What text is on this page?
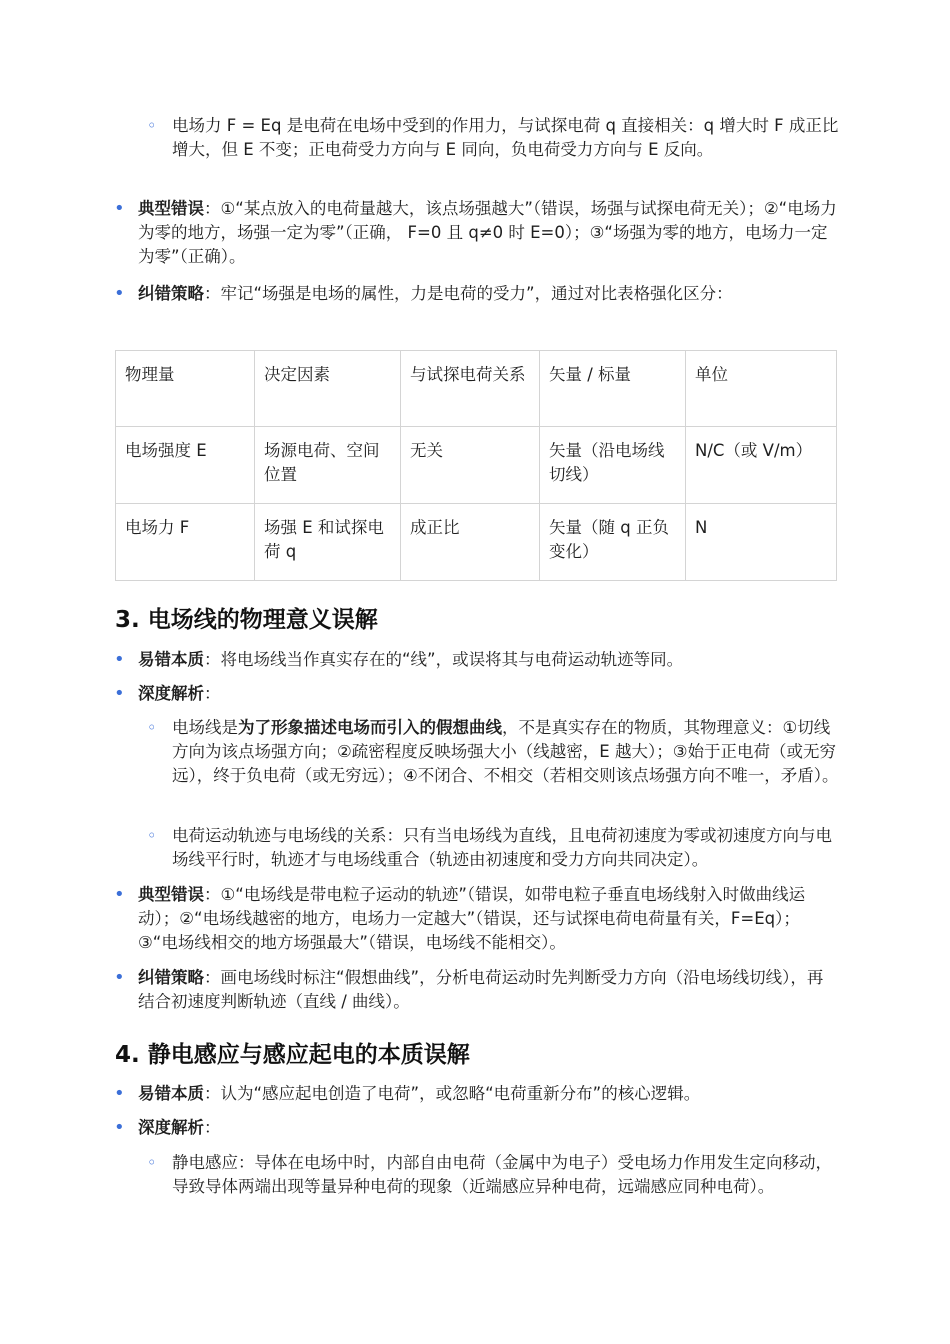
◦ 电场力 F = Eq 是电荷在电场中受到的作用力，与试探电荷 q 直接相关：q 增大时 F 成正比增大，但 E 不变；正电荷受力方向与 E 同向，负电荷受力方向与 E 反向。
• 典型错误：①“某点放入的电荷量越大，该点场强越大”（错误，场强与试探电荷无关）；②“电场力为零的地方，场强一定为零”（正确， F=0 且 q≠0 时 E=0）；③“场强为零的地方，电场力一定为零”（正确）。
• 纠错策略：牢记“场强是电场的属性，力是电荷的受力”，通过对比表格强化区分：
物理量	决定因素	与试探电荷关系	矢量 / 标量	单位
电场强度 E	场源电荷、空间位置	无关	矢量（沿电场线切线）	N/C（或 V/m）
电场力 F	场强 E 和试探电荷 q	成正比	矢量（随 q 正负变化）	N
3. 电场线的物理意义误解
• 易错本质：将电场线当作真实存在的“线”，或误将其与电荷运动轨迹等同。
• 深度解析：
◦ 电场线是为了形象描述电场而引入的假想曲线，不是真实存在的物质，其物理意义：①切线方向为该点场强方向；②疏密程度反映场强大小（线越密，E 越大）；③始于正电荷（或无穷远），终于负电荷（或无穷远）；④不闭合、不相交（若相交则该点场强方向不唯一，矛盾）。
◦ 电荷运动轨迹与电场线的关系：只有当电场线为直线，且电荷初速度为零或初速度方向与电场线平行时，轨迹才与电场线重合（轨迹由初速度和受力方向共同决定）。
• 典型错误：①“电场线是带电粒子运动的轨迹”（错误，如带电粒子垂直电场线射入时做曲线运动）；②“电场线越密的地方，电场力一定越大”（错误，还与试探电荷电荷量有关，F=Eq）；③“电场线相交的地方场强最大”（错误，电场线不能相交）。
• 纠错策略：画电场线时标注“假想曲线”，分析电荷运动时先判断受力方向（沿电场线切线），再结合初速度判断轨迹（直线 / 曲线）。
4. 静电感应与感应起电的本质误解
• 易错本质：认为“感应起电创造了电荷”，或忽略“电荷重新分布”的核心逻辑。
• 深度解析：
◦ 静电感应：导体在电场中时，内部自由电荷（金属中为电子）受电场力作用发生定向移动，导致导体两端出现等量异种电荷的现象（近端感应异种电荷，远端感应同种电荷）。
